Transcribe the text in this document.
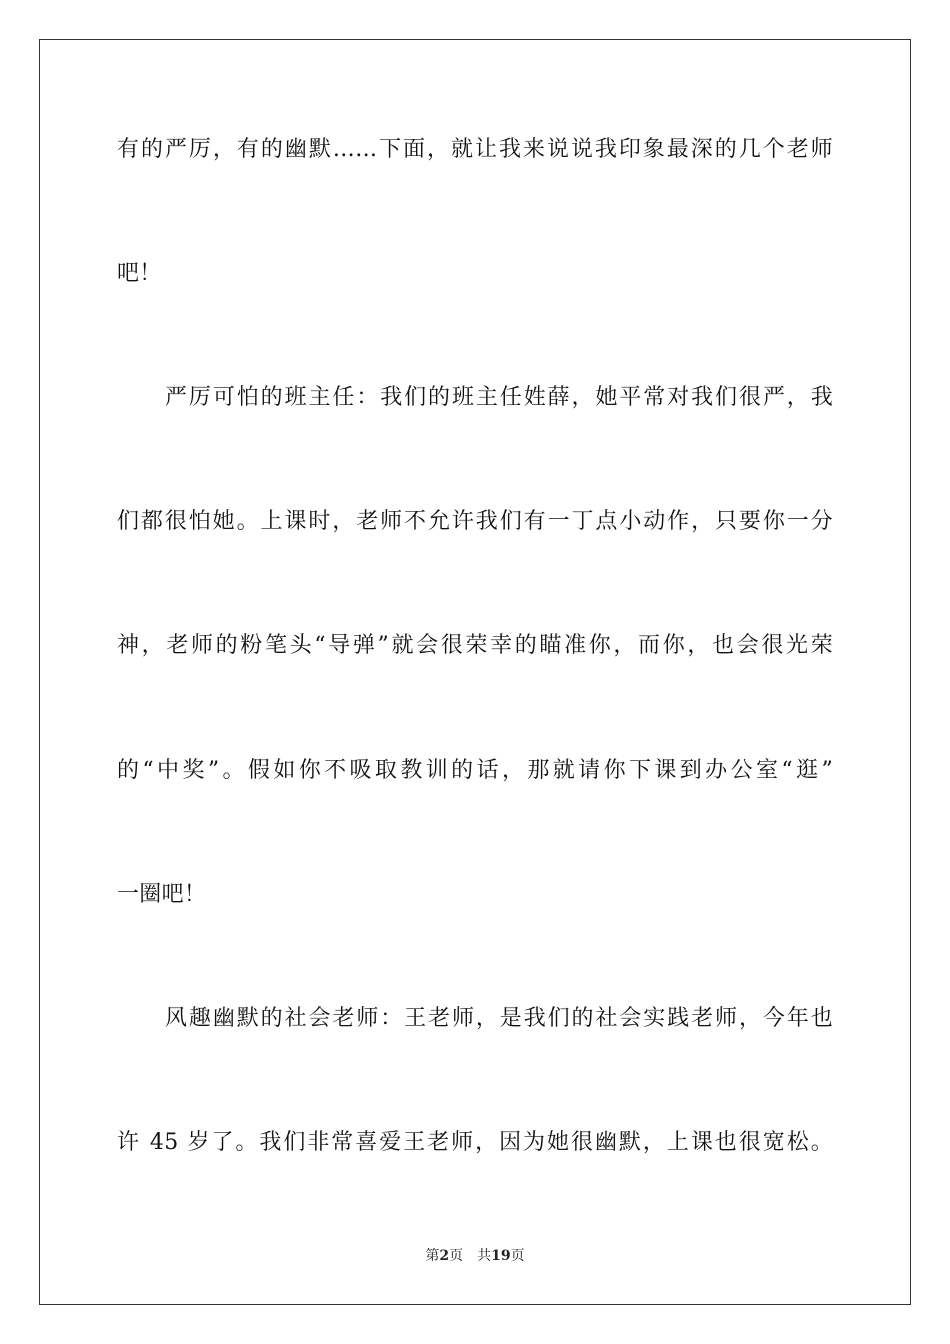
有的严厉，有的幽默……下面，就让我来说说我印象最深的几个老师
吧！
严厉可怕的班主任：我们的班主任姓薛，她平常对我们很严，我
们都很怕她。上课时，老师不允许我们有一丁点小动作，只要你一分
神，老师的粉笔头“导弹”就会很荣幸的瞄准你，而你，也会很光荣
的“中奖”。假如你不吸取教训的话，那就请你下课到办公室“逛”
一圈吧！
风趣幽默的社会老师：王老师，是我们的社会实践老师，今年也
许 45 岁了。我们非常喜爱王老师，因为她很幽默，上课也很宽松。
第2页 共19页
